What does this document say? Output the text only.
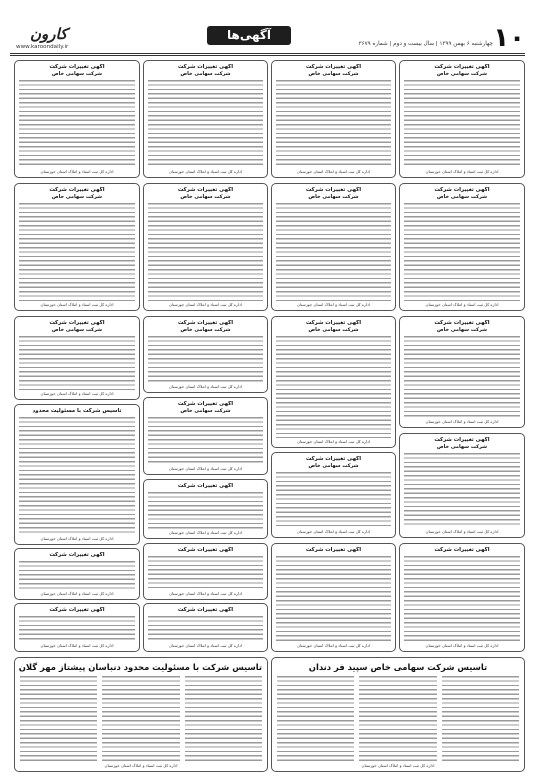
۱۰
چهارشنبه ۶ بهمن ۱۳۹۹ | سال بیست و دوم | شماره ۳۶۷۹
آگهی‌ها
کارون
www.karoondaily.ir
آگهی تغییرات شرکت
شرکت سهامی خاص
اداره کل ثبت اسناد و املاک استان خوزستان
آگهی تغییرات شرکت
شرکت سهامی خاص
اداره کل ثبت اسناد و املاک استان خوزستان
آگهی تغییرات شرکت
شرکت سهامی خاص
اداره کل ثبت اسناد و املاک استان خوزستان
آگهی تغییرات شرکت
شرکت سهامی خاص
اداره کل ثبت اسناد و املاک استان خوزستان
آگهی تغییرات شرکت
اداره کل ثبت اسناد و املاک استان خوزستان
آگهی تغییرات شرکت
شرکت سهامی خاص
اداره کل ثبت اسناد و املاک استان خوزستان
آگهی تغییرات شرکت
شرکت سهامی خاص
اداره کل ثبت اسناد و املاک استان خوزستان
آگهی تغییرات شرکت
شرکت سهامی خاص
اداره کل ثبت اسناد و املاک استان خوزستان
آگهی تغییرات شرکت
شرکت سهامی خاص
اداره کل ثبت اسناد و املاک استان خوزستان
آگهی تغییرات شرکت
اداره کل ثبت اسناد و املاک استان خوزستان
آگهی تغییرات شرکت
شرکت سهامی خاص
اداره کل ثبت اسناد و املاک استان خوزستان
آگهی تغییرات شرکت
شرکت سهامی خاص
اداره کل ثبت اسناد و املاک استان خوزستان
آگهی تغییرات شرکت
شرکت سهامی خاص
اداره کل ثبت اسناد و املاک استان خوزستان
آگهی تغییرات شرکت
شرکت سهامی خاص
اداره کل ثبت اسناد و املاک استان خوزستان
آگهی تغییرات شرکت
اداره کل ثبت اسناد و املاک استان خوزستان
آگهی تغییرات شرکت
اداره کل ثبت اسناد و املاک استان خوزستان
آگهی تغییرات شرکت
اداره کل ثبت اسناد و املاک استان خوزستان
آگهی تغییرات شرکت
شرکت سهامی خاص
اداره کل ثبت اسناد و املاک استان خوزستان
آگهی تغییرات شرکت
شرکت سهامی خاص
اداره کل ثبت اسناد و املاک استان خوزستان
آگهی تغییرات شرکت
شرکت سهامی خاص
اداره کل ثبت اسناد و املاک استان خوزستان
تاسیس شرکت با مسئولیت محدود
اداره کل ثبت اسناد و املاک استان خوزستان
آگهی تغییرات شرکت
اداره کل ثبت اسناد و املاک استان خوزستان
آگهی تغییرات شرکت
اداره کل ثبت اسناد و املاک استان خوزستان
تاسیس شرکت سهامی خاص سپید فر دندان
اداره کل ثبت اسناد و املاک استان خوزستان
تاسیس شرکت با مسئولیت محدود دنباسان پیشتاز مهر گلان
اداره کل ثبت اسناد و املاک استان خوزستان
